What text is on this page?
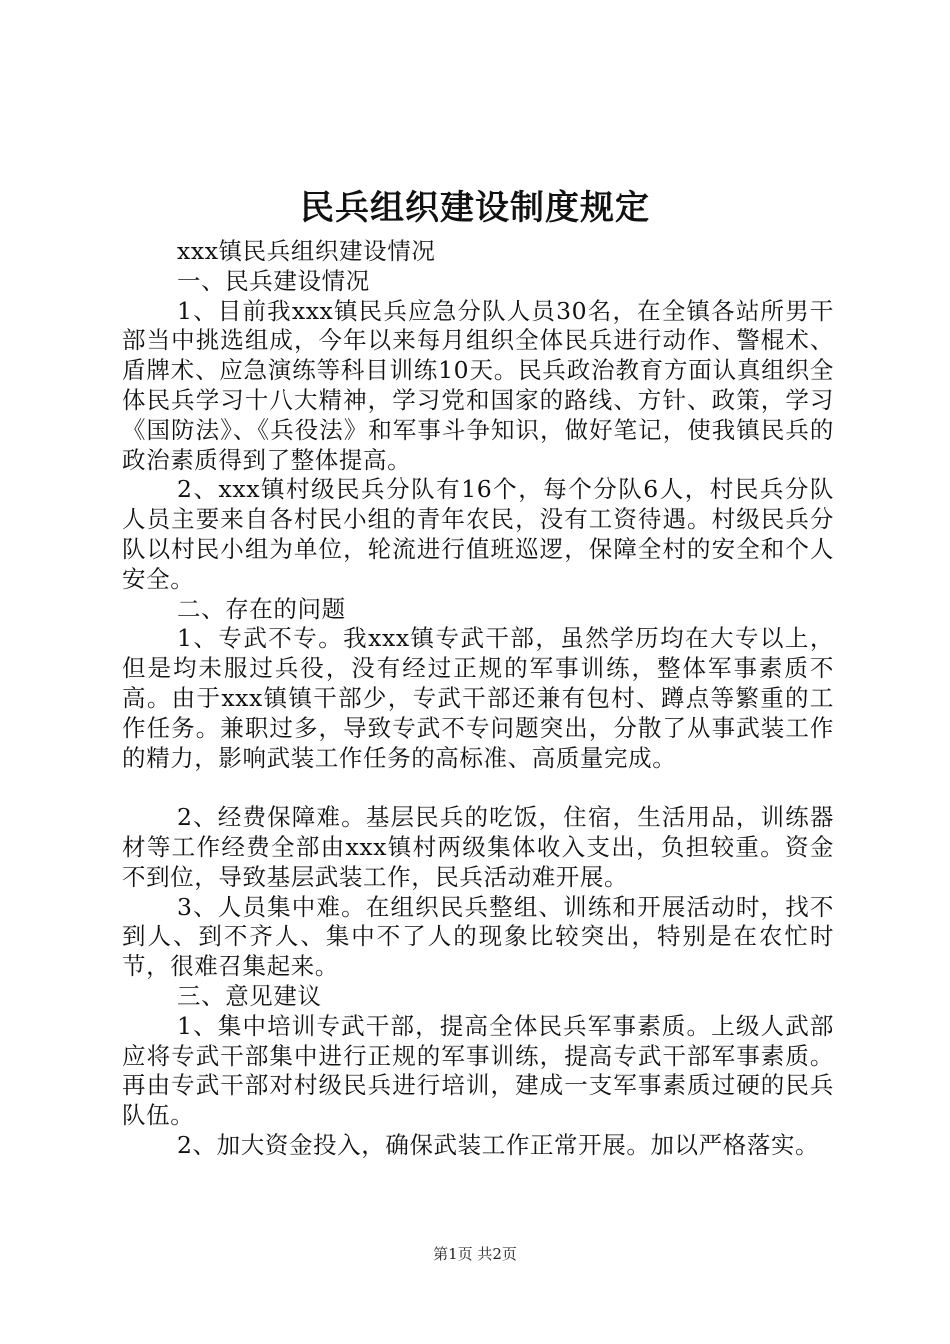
民兵组织建设制度规定

xxx镇民兵组织建设情况

一、民兵建设情况

1、目前我xxx镇民兵应急分队人员30名，在全镇各站所男干部当中挑选组成，今年以来每月组织全体民兵进行动作、警棍术、盾牌术、应急演练等科目训练10天。民兵政治教育方面认真组织全体民兵学习十八大精神，学习党和国家的路线、方针、政策，学习《国防法》、《兵役法》和军事斗争知识，做好笔记，使我镇民兵的政治素质得到了整体提高。

2、xxx镇村级民兵分队有16个，每个分队6人，村民兵分队人员主要来自各村民小组的青年农民，没有工资待遇。村级民兵分队以村民小组为单位，轮流进行值班巡逻，保障全村的安全和个人安全。

二、存在的问题

1、专武不专。我xxx镇专武干部，虽然学历均在大专以上，但是均未服过兵役，没有经过正规的军事训练，整体军事素质不高。由于xxx镇镇干部少，专武干部还兼有包村、蹲点等繁重的工作任务。兼职过多，导致专武不专问题突出，分散了从事武装工作的精力，影响武装工作任务的高标准、高质量完成。

2、经费保障难。基层民兵的吃饭，住宿，生活用品，训练器材等工作经费全部由xxx镇村两级集体收入支出，负担较重。资金不到位，导致基层武装工作，民兵活动难开展。

3、人员集中难。在组织民兵整组、训练和开展活动时，找不到人、到不齐人、集中不了人的现象比较突出，特别是在农忙时节，很难召集起来。

三、意见建议

1、集中培训专武干部，提高全体民兵军事素质。上级人武部应将专武干部集中进行正规的军事训练，提高专武干部军事素质。再由专武干部对村级民兵进行培训，建成一支军事素质过硬的民兵队伍。

2、加大资金投入，确保武装工作正常开展。加以严格落实。

第1页 共2页
